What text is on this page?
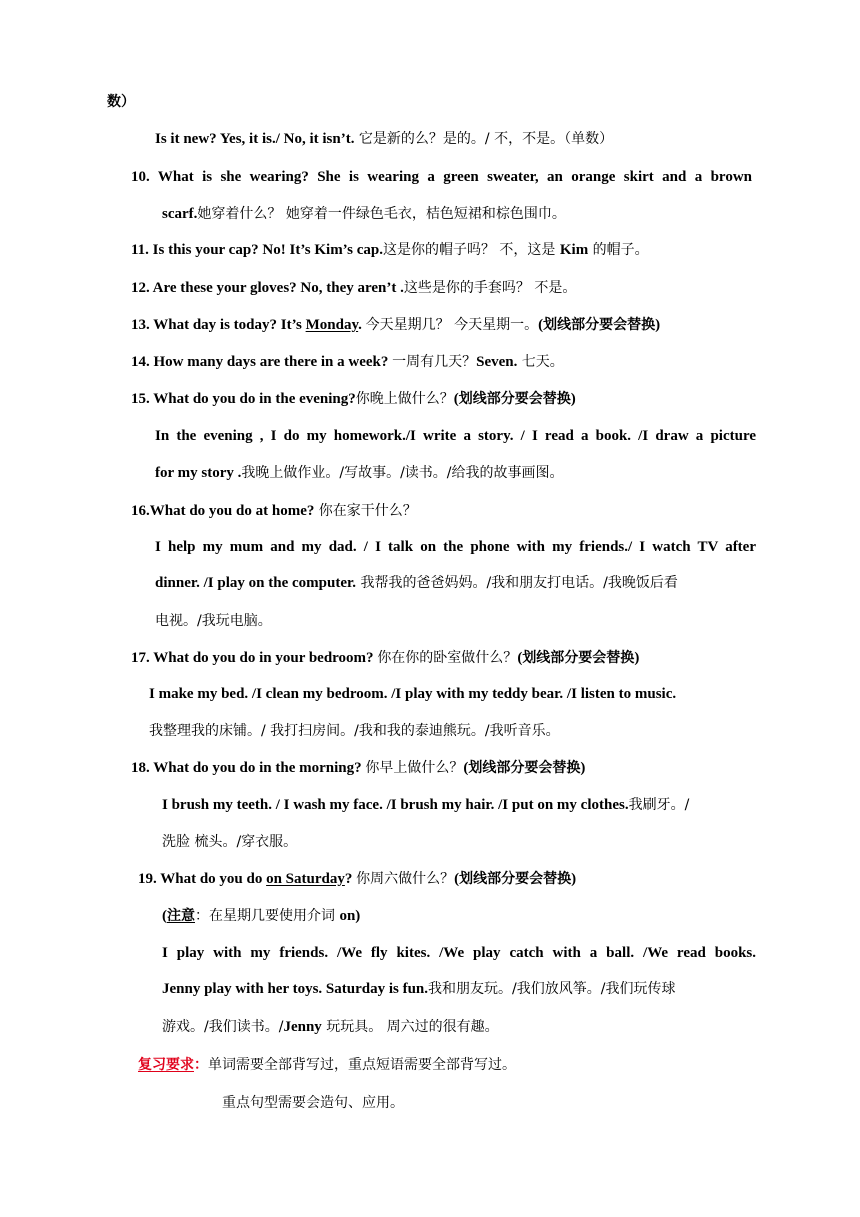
数）
Is it new? Yes, it is./ No, it isn’t. 它是新的么？是的。/ 不，不是。（单数）
10. What is she wearing? She is wearing a green sweater, an orange skirt and a brown
scarf.她穿着什么？ 她穿着一件绿色毛衣，桔色短裙和棕色围巾。
11. Is this your cap? No! It’s Kim’s cap.这是你的帽子吗？ 不，这是 Kim 的帽子。
12. Are these your gloves? No, they aren’t .这些是你的手套吗？ 不是。
13. What day is today? It’s Monday. 今天星期几？ 今天星期一。(划线部分要会替换)
14. How many days are there in a week? 一周有几天？Seven. 七天。
15. What do you do in the evening?你晚上做什么？(划线部分要会替换)
In the evening , I do my homework./I write a story. / I read a book. /I draw a picture
for my story .我晚上做作业。/写故事。/读书。/给我的故事画图。
16.What do you do at home? 你在家干什么？
I help my mum and my dad. / I talk on the phone with my friends./ I watch TV after
dinner. /I play on the computer. 我帮我的爸爸妈妈。/我和朋友打电话。/我晚饭后看
电视。/我玩电脑。
17. What do you do in your bedroom? 你在你的卧室做什么？(划线部分要会替换)
I make my bed. /I clean my bedroom. /I play with my teddy bear. /I listen to music.
我整理我的床铺。/ 我打扫房间。/我和我的泰迪熊玩。/我听音乐。
18. What do you do in the morning? 你早上做什么？(划线部分要会替换)
I brush my teeth. / I wash my face. /I brush my hair. /I put on my clothes.我刷牙。/
洗脸 梳头。/穿衣服。
19. What do you do on Saturday? 你周六做什么？(划线部分要会替换)
(注意：在星期几要使用介词 on)
I play with my friends. /We fly kites. /We play catch with a ball. /We read books.
Jenny play with her toys. Saturday is fun.我和朋友玩。/我们放风筝。/我们玩传球
游戏。/我们读书。/Jenny 玩玩具。 周六过的很有趣。
复习要求：单词需要全部背写过，重点短语需要全部背写过。
重点句型需要会造句、应用。
